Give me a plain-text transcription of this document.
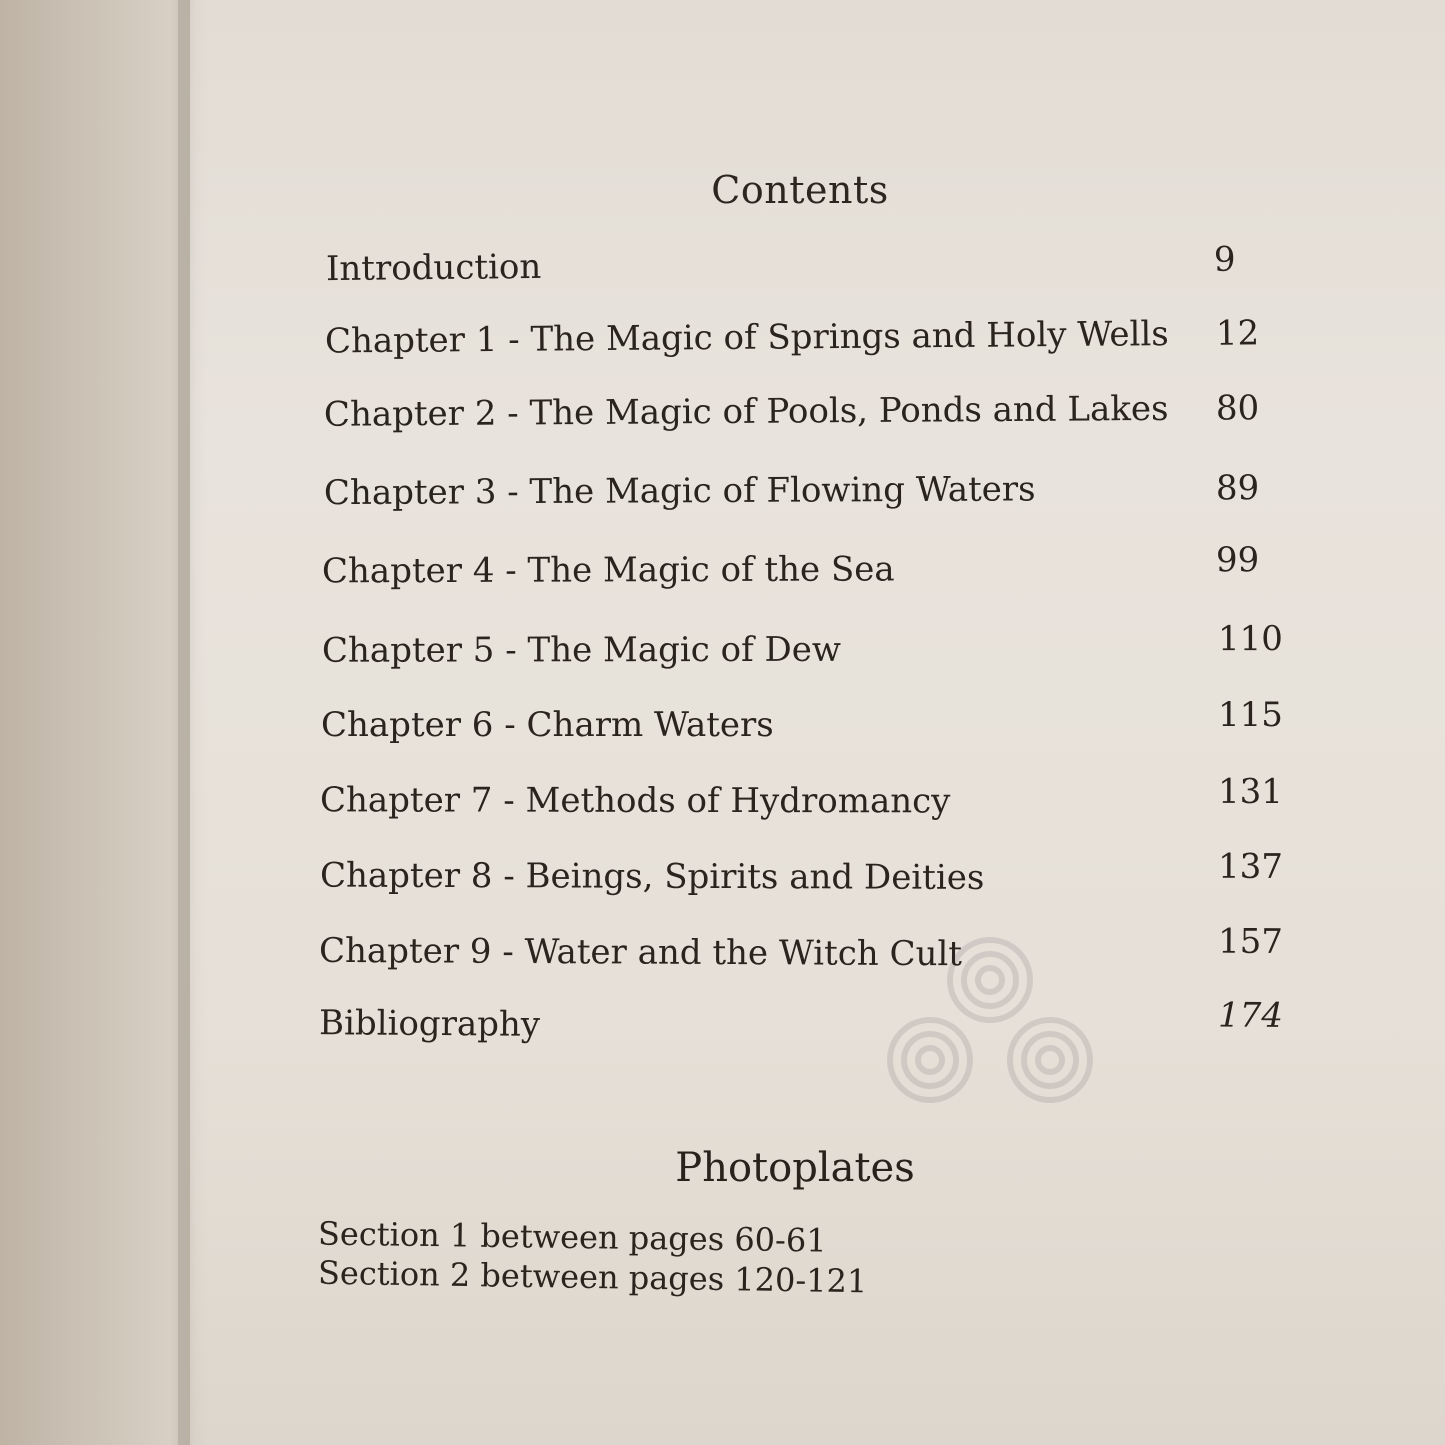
Contents
Introduction	9
Chapter 1 - The Magic of Springs and Holy Wells 12
Chapter 2 - The Magic of Pools, Ponds and Lakes 80
Chapter 3 - The Magic of Flowing Waters	89
Chapter 4 - The Magic of the Sea	99
Chapter 5 - The Magic of Dew	110
Chapter 6 - Charm Waters	115
Chapter 7 - Methods of Hydromancy	131
Chapter 8 - Beings, Spirits and Deities	137
Chapter 9 - Water and the Witch Cult	157
Bibliography	174
Photoplates
Section 1 between pages 60-61
Section 2 between pages 120-121
